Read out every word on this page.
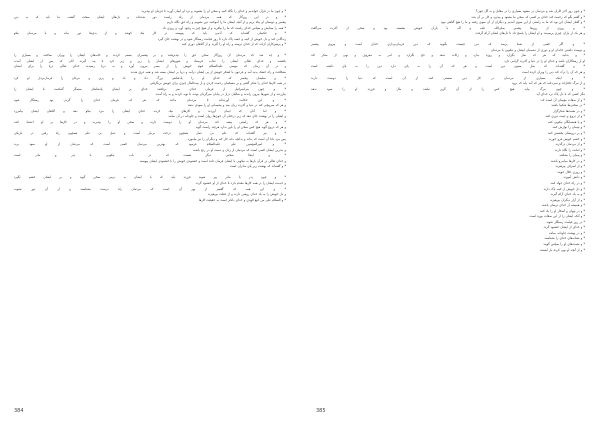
* و چون ما در قرآن خواندیم و خدای را نگاه کنید و سخن او را بشنوید و نزد او ایمان آورید تا فرمان او بپذیرید
* و در این روزگار که همه مردمان از راه راست دور شده‌اند و دل‌های ایشان سخت گشته، ما باید که به دین
پیغمبر و دوستان او پناه بریم و از آنچه ایشان ما را آموختند دور نشویم و راه حق نگاه داریم
* همه را ستایش و سپاس خدای راست که ما را بیافرید و از هیچ چیز به وجود آورد و روزی داد
* و حکیمان گفته‌اند که آدمی باید که پیوسته در کار نیک کوشد و از بدی‌ها دور ماند و با مردمان نیکو
زندگانی کند و دل خویش از کینه و حسد پاک دارد تا روز قیامت رستگار شود و در بهشت جای گیرد
* و پرهیزکاران آن‌اند که از خدای ترسند و راه او را گیرند و از گناهان دوری کنند
* و چه شد که مردمان آن روزگار سخن حق را نپذیرفتند و بر پیغمبران بستم کردند و خانه‌های ایشان را ویران ساختند و بسیاری را
بکشتند و خدای تعالی ایشان را عذاب فرستاد و شهرهای ایشان را زیر و زبر کرد تا پند گیرند آنان که پس از ایشان آمدند
و در آن زمان که موسی علیه‌السلام قوم خویش را از مصر بیرون آورد و به دریا رسیدند خدای تعالی دریا را برای ایشان
بشکافت و راه خشک پدید آمد و فرعون با لشکر خویش از پی ایشان درآمد و دریا بر ایشان بسته شد و همه غرق شدند
* و سلیمان پیغمبر که خدای او را پادشاهی بزرگ داد و باد و پری و مرغان را فرمان‌بردار او کرد
در همه کارها خدای را شکر گفتی و بر مسکینان رحمت کردی و از بیت‌المال چیزی برای خویش برنگرفتی
* و چون بنی‌اسرائیل از فرمان خدای سر برتافتند خدای بر ایشان پادشاهان ستمگر گماشت تا ایشان را
بیازردند و از شهرها بیرون راندند و سالیان دراز در بیابان سرگردان بودند تا توبه کردند و به راه آمدند
* و این حکایت آورده‌اند تا مردمان بدانند که هر که فرمان خدای را گردن نهد رستگار شود
و هر که سرپیچی کند در دنیا و آخرت زیان بیند و پشیمانی او را سودی ندهد
* و اما آنان که ایمان آوردند و کارهای نیک کردند خدای ایشان را مزد نیکو دهد و گناهان ایشان بیامرزد
و ایشان را در بهشت جای دهد که زیر درختان آن جوی‌ها روان است و جاودانه در آن بمانند
* و هر که راستی پیشه کند مردمان او را دوست دارند و سخن او را بپذیرند و در کارها بر او اعتماد کنند
و هر که دروغ گوید هیچ کس سخن او را باور ندارد هرچند راست گوید
* و نیز گفته‌اند که علم بی عمل همچون درخت بی‌بار است و عمل بی علم همچون راه رفتن در تاریکی
پس مرد دانا آن است که بداند و بدانچه داند کار کند و دیگران را نیز بیاموزد
* و امیرالمؤمنین علی علیه‌السلام فرمود که بهترین مردمان کسی است که مردمان از او سود برند
و بدترین ایشان کسی است که مردمان از زبان و دست او در رنج باشند
* و اینجا سخنی دیگر هست که در باب نیکویی با پدر و مادر است
و خدای تعالی در قرآن بارها به نیکویی با ایشان فرمان داده است و خشنودی خویش را با خشنودی ایشان پیوسته
* و گفته‌اند که بهشت زیر پای مادران است
* و چون پدر یا مادر پیر شوند فرزند باید که با ایشان به نرمی سخن گوید و بر ایشان خشم نگیرد
و خدمت ایشان را بر همه کارها مقدم دارد تا خدای از او خشنود گردد
* و این همه که گفتیم از بهر آن است که مردمان راه درست بشناسند و از آن دور نشوند
و دل خویش را به یاد خدای روشن دارند و از غفلت بپرهیزند
* و السلام علی من اتبع الهدی و خدای داناتر است به حقیقت کارها
384
* و چون روز آخر کاران شد و مردمان در مشهد بسیاری را در مقابل و به گل چون؟
* و گفتم بگو که رحمت کند خدای بر کسی که سخن ما بشنود و بپذیرد و کار بر آن بندد
* و گفتار ایشان این بود که ما به راستی از این سوی آمدیم و دیگران از آن سوی رفتند و ما را هیچ گناهی نبود
* و روزی از روزها پیغمبر صلی‌الله علیه و آله با یاران خویش نشسته بود و سخن از آخرت می‌گفت
و هر یک از یاران چیزی پرسیدند و او ایشان را پاسخ داد تا دل‌های ایشان آرام گرفت
* و اگر کسی از شما پرسد که دین چیست بگویید که دین فرمان‌برداری خدای است و پیروی پیغمبر
و دوست داشتن خاندان او و دوری از دشمنان ایشان و نیکویی با مردمان
* و بدانید که هر که نماز بگزارد و روزه بدارد و زکات بدهد و حج بگزارد و امر به معروف و نهی از منکر کند
او از رستگاران باشد و خدای او را در دنیا و آخرت گرامی دارد
* و گفته‌اند که نماز ستون دین است و هر که آن را به پای دارد دین را به پای داشته است
و هر که آن را ترک کند دین را ویران کرده است
* و اینکه بسیاری از مردمان در کار دین سستی کنند از آن است که دنیا را دوست دارند
و از مرگ غافل‌اند و نمی‌دانند که هر که آمد باید که برود
* و چون مرگ بیاید هیچ کس را از آن گریز نباشد و مال و فرزند او را سود ندهد
مگر کسی که با دل پاک نزد خدای آید
* و از صفات مؤمنان آن است که:
* در سختی‌ها شکیبا باشند
* و در نعمت‌ها شکرگزار
* و از دروغ و غیبت دوری کنند
* و با همسایگان نیکویی کنند
* و یتیمان را نوازش کنند
* و بر درویشان بخشش کنند
* و خشم خویش فرو خورند
* و از مردمان درگذرند
* و امانت را نگاه دارند
* و پیمان را بشکنند
* و در کارها میانه‌رو باشند
* و از اسراف بپرهیزند
* و روزی حلال جویند
* و دانش آموزند
* و در راه خدای جهاد کنند
* و دل خویش از کینه پاک دارند
* و به یاد خدای آرام گیرند
* و از آزار دیگران بپرهیزند
* و همیشه از خدای ترسان باشند
* و در پنهان و آشکار او را یاد کنند
* و آنکه ایشان را از این صفات بهره است
* در روز قیامت رستگار شوند
* و خدای از ایشان خشنود گردد
* و در بهشت جاودانه بمانند
* و نشانه‌های خدای را بشناسند
* و نعمت‌های او را سپاس گویند
* و از آنچه او نهی کرده باز ایستند
385
